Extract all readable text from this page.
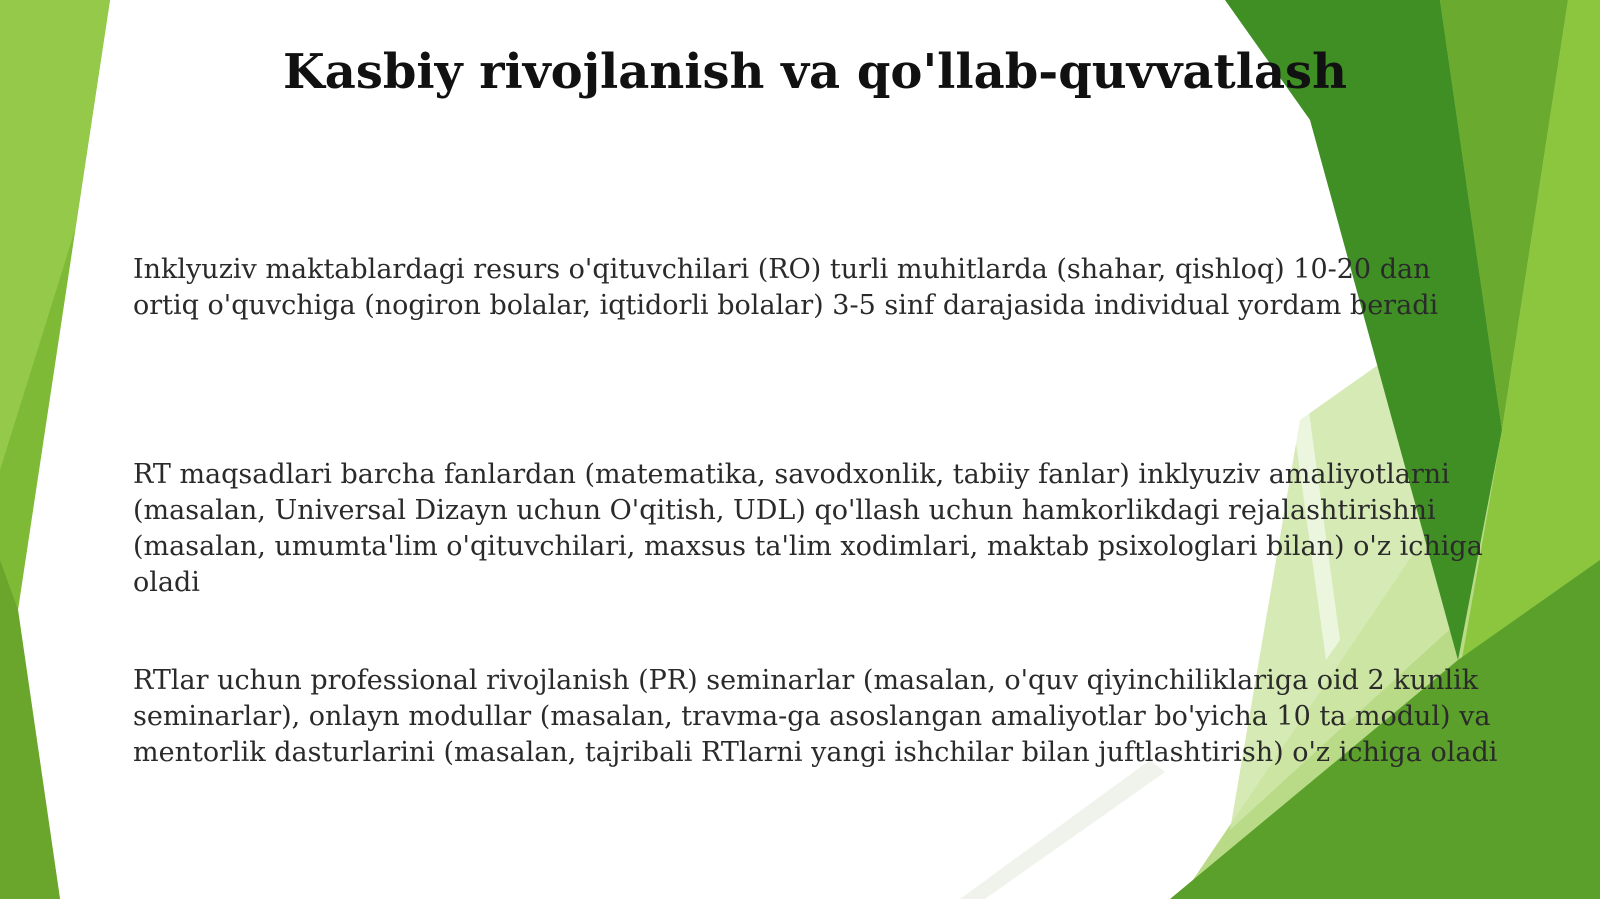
Kasbiy rivojlanish va qo'llab-quvvatlash

Inklyuziv maktablardagi resurs o'qituvchilari (RO) turli muhitlarda (shahar, qishloq) 10-20 dan ortiq o'quvchiga (nogiron bolalar, iqtidorli bolalar) 3-5 sinf darajasida individual yordam beradi

RT maqsadlari barcha fanlardan (matematika, savodxonlik, tabiiy fanlar) inklyuziv amaliyotlarni (masalan, Universal Dizayn uchun O'qitish, UDL) qo'llash uchun hamkorlikdagi rejalashtirishni (masalan, umumta'lim o'qituvchilari, maxsus ta'lim xodimlari, maktab psixologlari bilan) o'z ichiga oladi

RTlar uchun professional rivojlanish (PR) seminarlar (masalan, o'quv qiyinchiliklariga oid 2 kunlik seminarlar), onlayn modullar (masalan, travma-ga asoslangan amaliyotlar bo'yicha 10 ta modul) va mentorlik dasturlarini (masalan, tajribali RTlarni yangi ishchilar bilan juftlashtirish) o'z ichiga oladi
